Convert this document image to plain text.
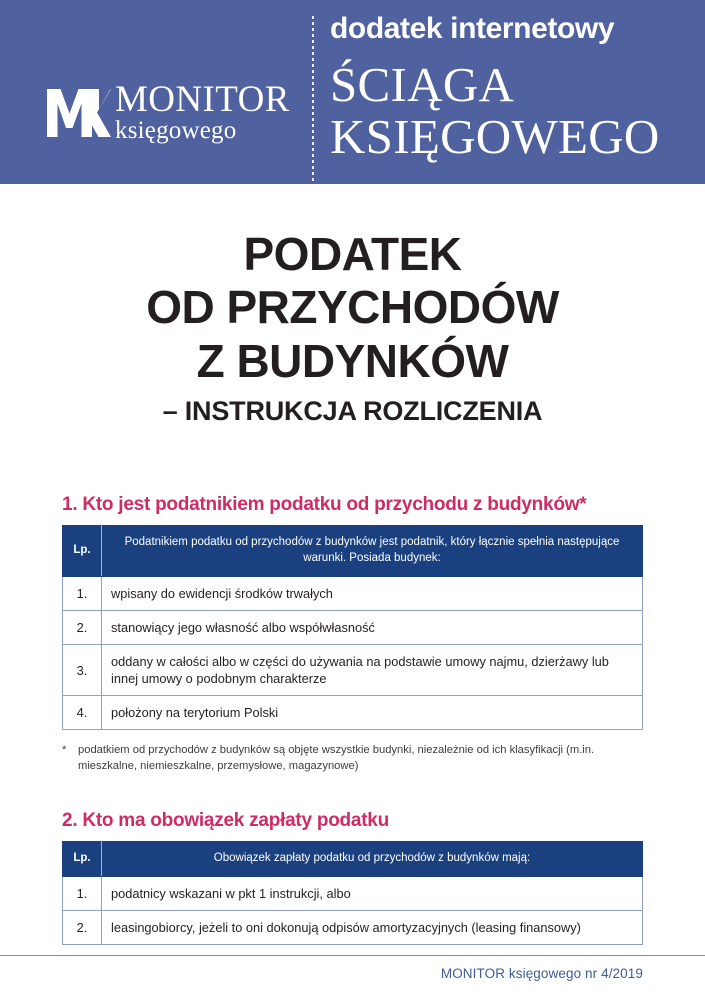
MONITOR
księgowego
dodatek internetowy
ŚCIĄGA
KSIĘGOWEGO
PODATEK
OD PRZYCHODÓW
Z BUDYNKÓW
– INSTRUKCJA ROZLICZENIA
1. Kto jest podatnikiem podatku od przychodu z budynków*
Lp.	Podatnikiem podatku od przychodów z budynków jest podatnik, który łącznie spełnia następujące warunki. Posiada budynek:
1.	wpisany do ewidencji środków trwałych
2.	stanowiący jego własność albo współwłasność
3.	oddany w całości albo w części do używania na podstawie umowy najmu, dzierżawy lub innej umowy o podobnym charakterze
4.	położony na terytorium Polski
*	podatkiem od przychodów z budynków są objęte wszystkie budynki, niezależnie od ich klasyfikacji (m.in. mieszkalne, niemieszkalne, przemysłowe, magazynowe)
2. Kto ma obowiązek zapłaty podatku
Lp.	Obowiązek zapłaty podatku od przychodów z budynków mają:
1.	podatnicy wskazani w pkt 1 instrukcji, albo
2.	leasingobiorcy, jeżeli to oni dokonują odpisów amortyzacyjnych (leasing finansowy)
MONITOR księgowego nr 4/2019
